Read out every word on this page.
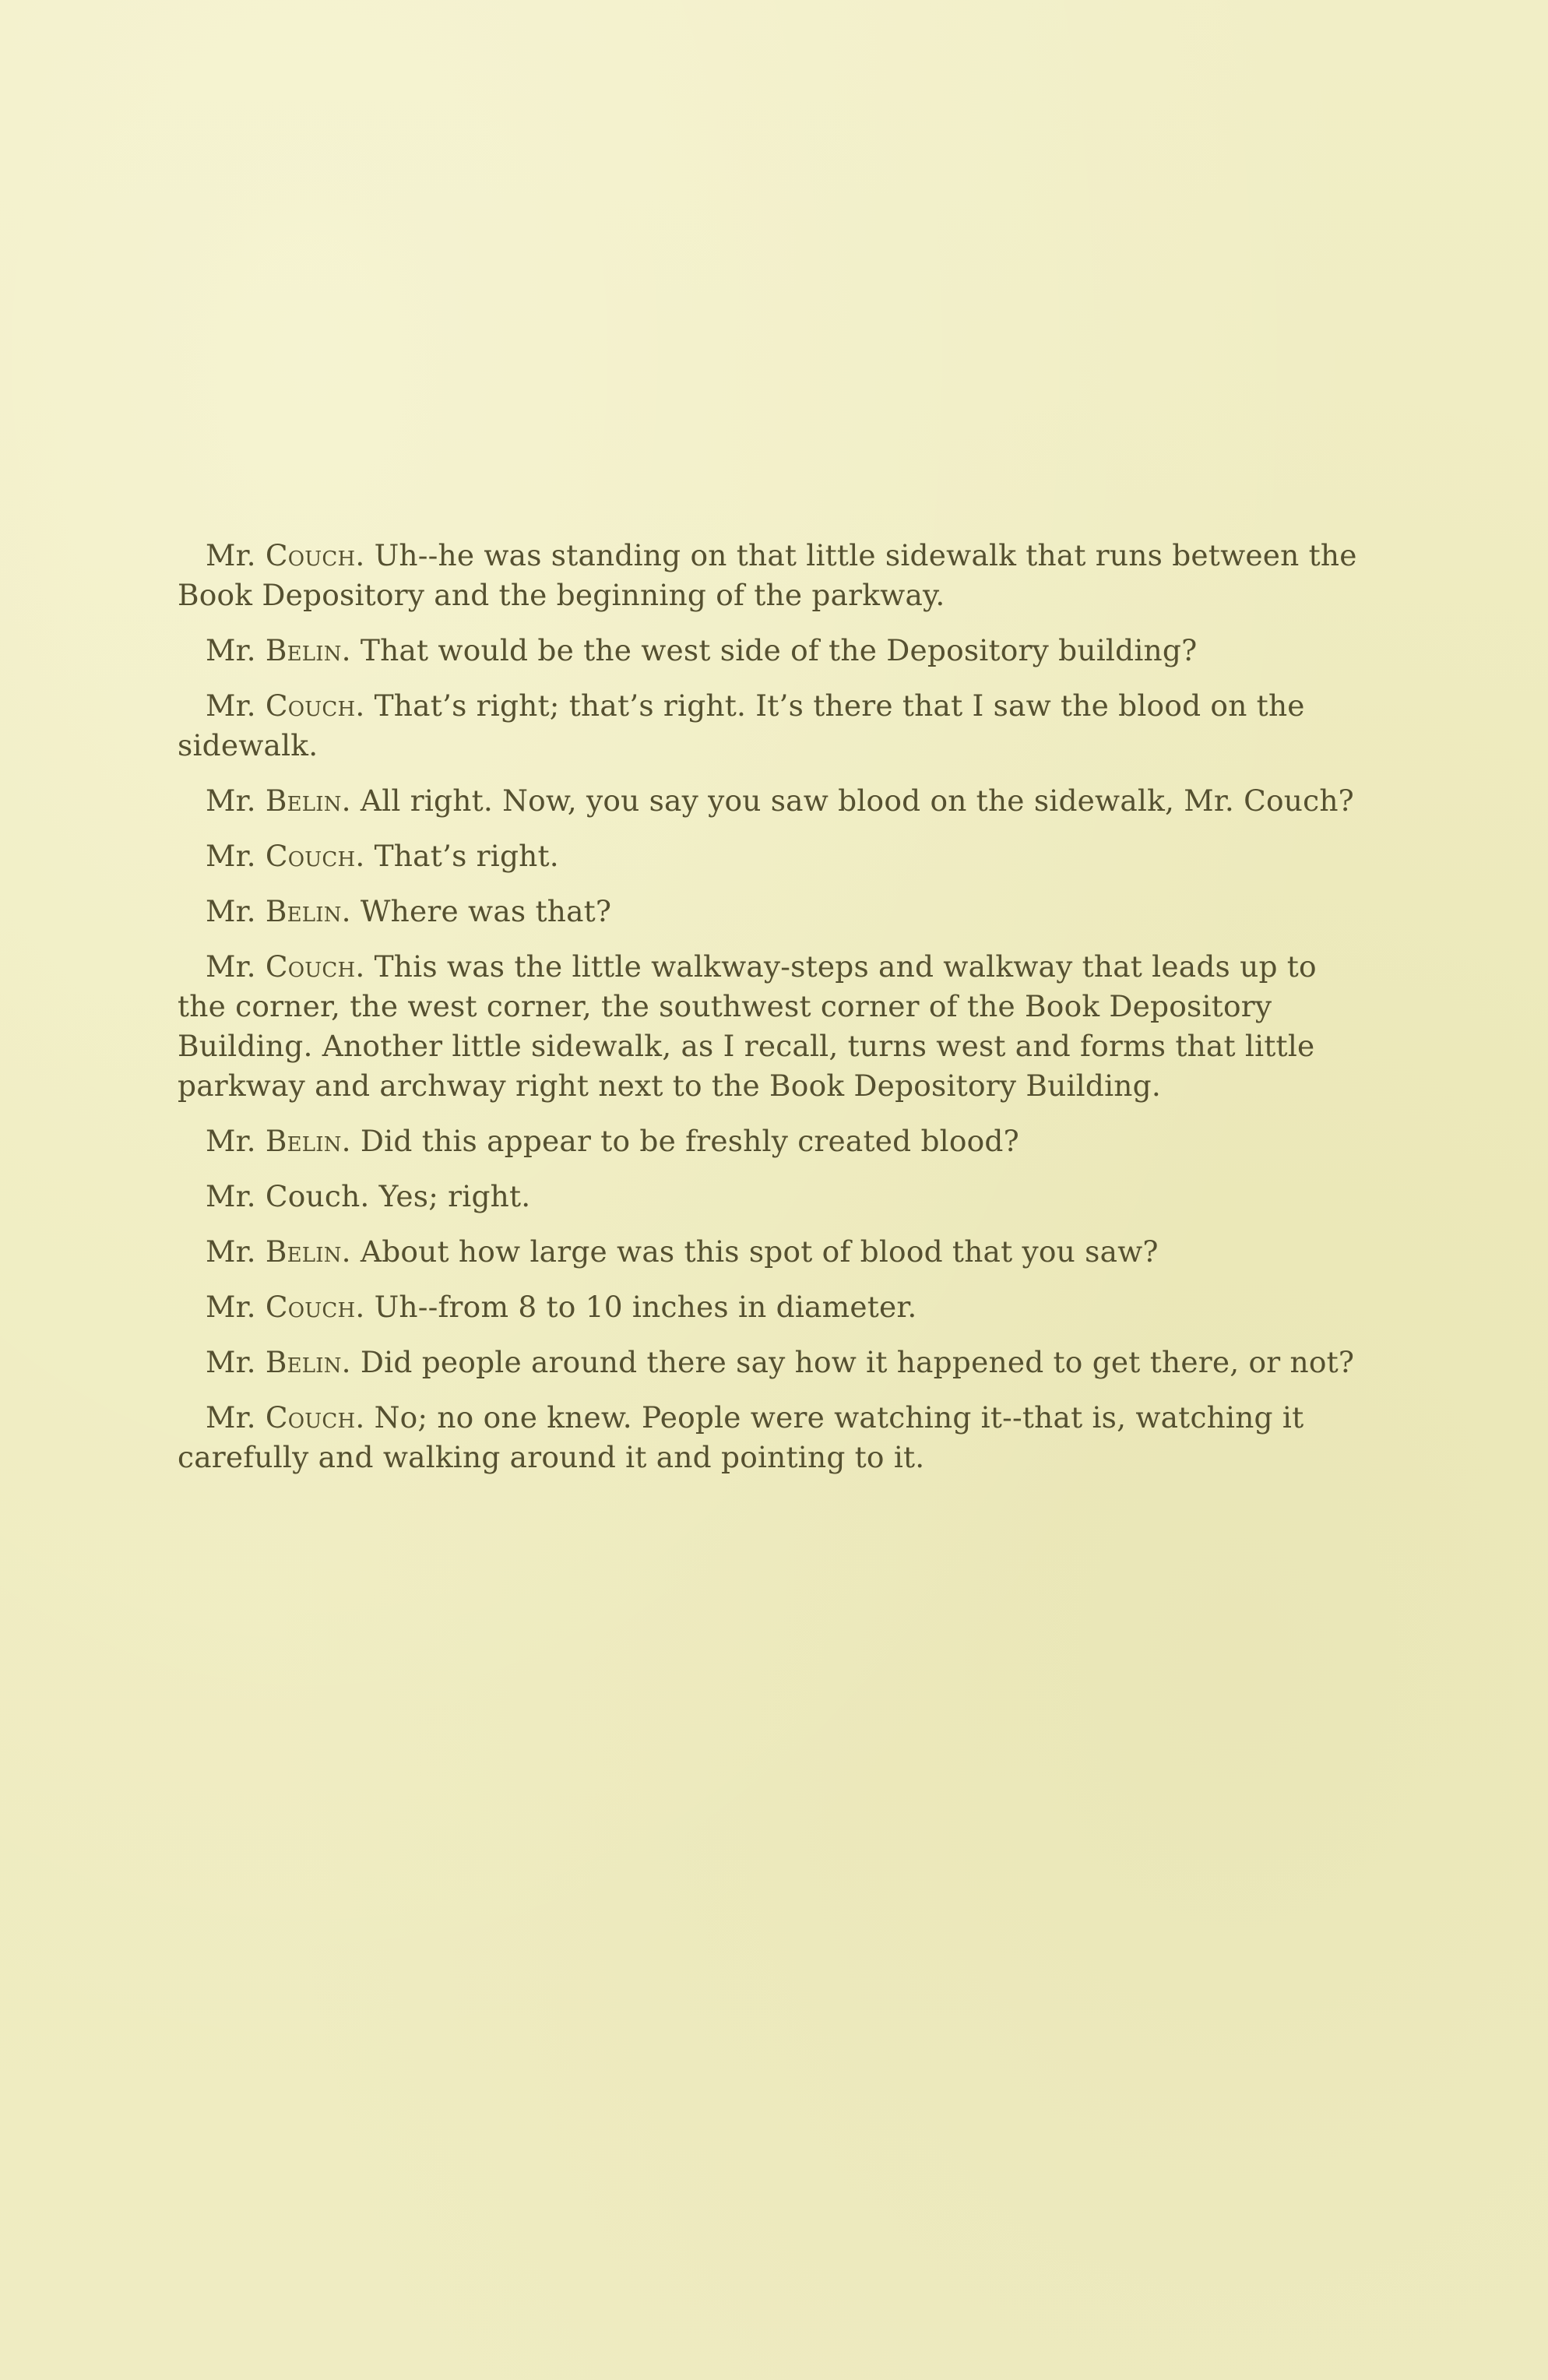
Mr. Couch. Uh--he was standing on that little sidewalk that runs between the Book Depository and the beginning of the parkway.

Mr. Belin. That would be the west side of the Depository building?

Mr. Couch. That’s right; that’s right. It’s there that I saw the blood on the sidewalk.

Mr. Belin. All right. Now, you say you saw blood on the sidewalk, Mr. Couch?

Mr. Couch. That’s right.

Mr. Belin. Where was that?

Mr. Couch. This was the little walkway-steps and walkway that leads up to the corner, the west corner, the southwest corner of the Book Depository Building. Another little sidewalk, as I recall, turns west and forms that little parkway and archway right next to the Book Depository Building.

Mr. Belin. Did this appear to be freshly created blood?

Mr. Couch. Yes; right.

Mr. Belin. About how large was this spot of blood that you saw?

Mr. Couch. Uh--from 8 to 10 inches in diameter.

Mr. Belin. Did people around there say how it happened to get there, or not?

Mr. Couch. No; no one knew. People were watching it--that is, watching it carefully and walking around it and pointing to it.
